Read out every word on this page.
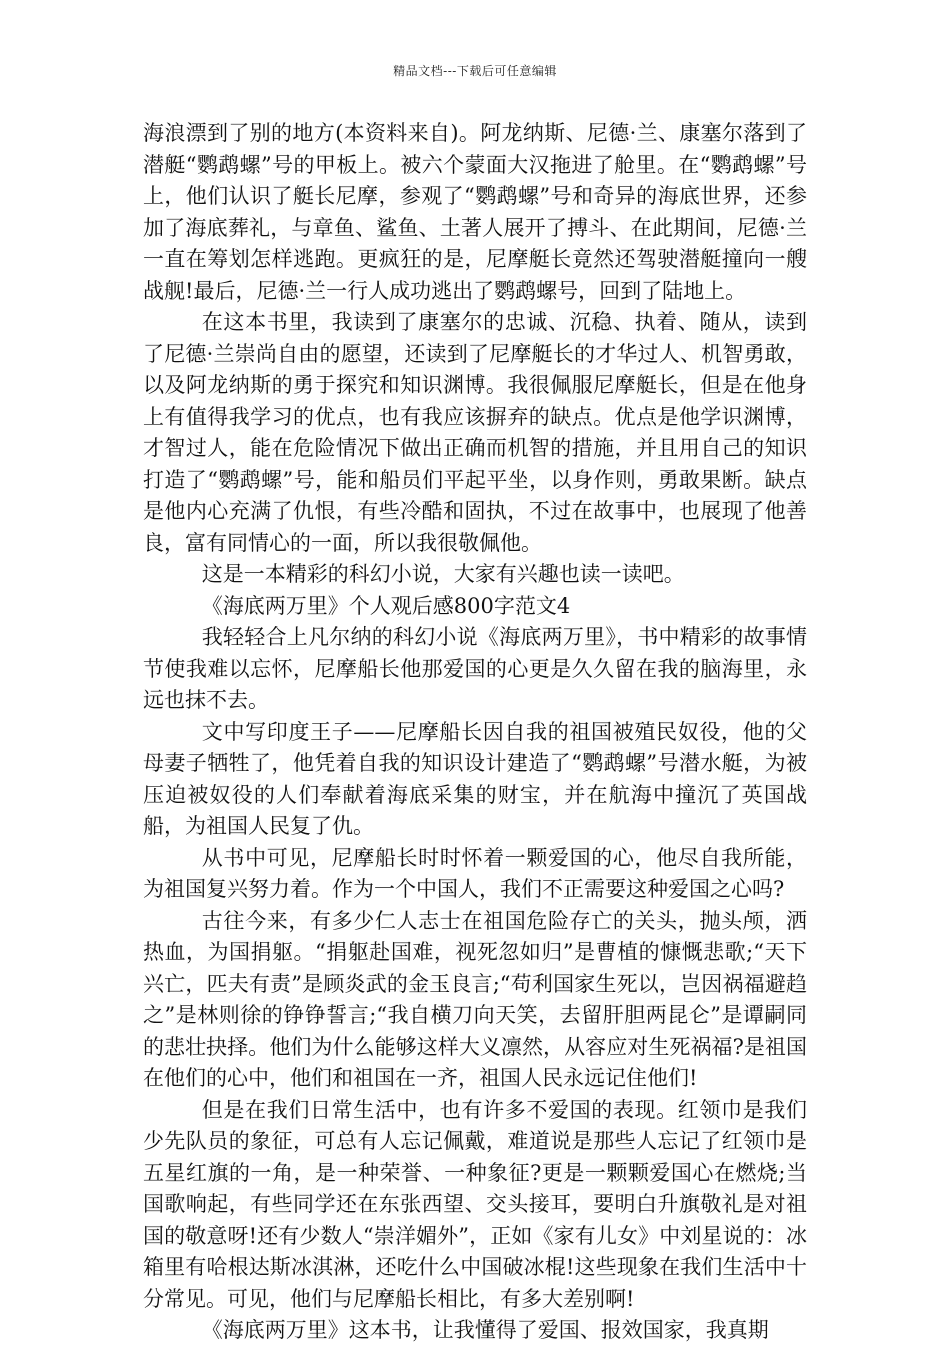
精品文档---下载后可任意编辑

海浪漂到了别的地方(本资料来自)。阿龙纳斯、尼德·兰、康塞尔落到了潜艇“鹦鹉螺”号的甲板上。被六个蒙面大汉拖进了舱里。在“鹦鹉螺”号上，他们认识了艇长尼摩，参观了“鹦鹉螺”号和奇异的海底世界，还参加了海底葬礼，与章鱼、鲨鱼、土著人展开了搏斗、在此期间，尼德·兰一直在筹划怎样逃跑。更疯狂的是，尼摩艇长竟然还驾驶潜艇撞向一艘战舰!最后，尼德·兰一行人成功逃出了鹦鹉螺号，回到了陆地上。

在这本书里，我读到了康塞尔的忠诚、沉稳、执着、随从，读到了尼德·兰崇尚自由的愿望，还读到了尼摩艇长的才华过人、机智勇敢，以及阿龙纳斯的勇于探究和知识渊博。我很佩服尼摩艇长，但是在他身上有值得我学习的优点，也有我应该摒弃的缺点。优点是他学识渊博，才智过人，能在危险情况下做出正确而机智的措施，并且用自己的知识打造了“鹦鹉螺”号，能和船员们平起平坐，以身作则，勇敢果断。缺点是他内心充满了仇恨，有些冷酷和固执，不过在故事中，也展现了他善良，富有同情心的一面，所以我很敬佩他。

这是一本精彩的科幻小说，大家有兴趣也读一读吧。

《海底两万里》个人观后感800字范文4

我轻轻合上凡尔纳的科幻小说《海底两万里》，书中精彩的故事情节使我难以忘怀，尼摩船长他那爱国的心更是久久留在我的脑海里，永远也抹不去。

文中写印度王子——尼摩船长因自我的祖国被殖民奴役，他的父母妻子牺牲了，他凭着自我的知识设计建造了“鹦鹉螺”号潜水艇，为被压迫被奴役的人们奉献着海底采集的财宝，并在航海中撞沉了英国战船，为祖国人民复了仇。

从书中可见，尼摩船长时时怀着一颗爱国的心，他尽自我所能，为祖国复兴努力着。作为一个中国人，我们不正需要这种爱国之心吗?

古往今来，有多少仁人志士在祖国危险存亡的关头，抛头颅，洒热血，为国捐躯。“捐躯赴国难，视死忽如归”是曹植的慷慨悲歌;“天下兴亡，匹夫有责”是顾炎武的金玉良言;“苟利国家生死以，岂因祸福避趋之”是林则徐的铮铮誓言;“我自横刀向天笑，去留肝胆两昆仑”是谭嗣同的悲壮抉择。他们为什么能够这样大义凛然，从容应对生死祸福?是祖国在他们的心中，他们和祖国在一齐，祖国人民永远记住他们!

但是在我们日常生活中，也有许多不爱国的表现。红领巾是我们少先队员的象征，可总有人忘记佩戴，难道说是那些人忘记了红领巾是五星红旗的一角，是一种荣誉、一种象征?更是一颗颗爱国心在燃烧;当国歌响起，有些同学还在东张西望、交头接耳，要明白升旗敬礼是对祖国的敬意呀!还有少数人“崇洋媚外”，正如《家有儿女》中刘星说的：冰箱里有哈根达斯冰淇淋，还吃什么中国破冰棍!这些现象在我们生活中十分常见。可见，他们与尼摩船长相比，有多大差别啊!

《海底两万里》这本书，让我懂得了爱国、报效国家，我真期
